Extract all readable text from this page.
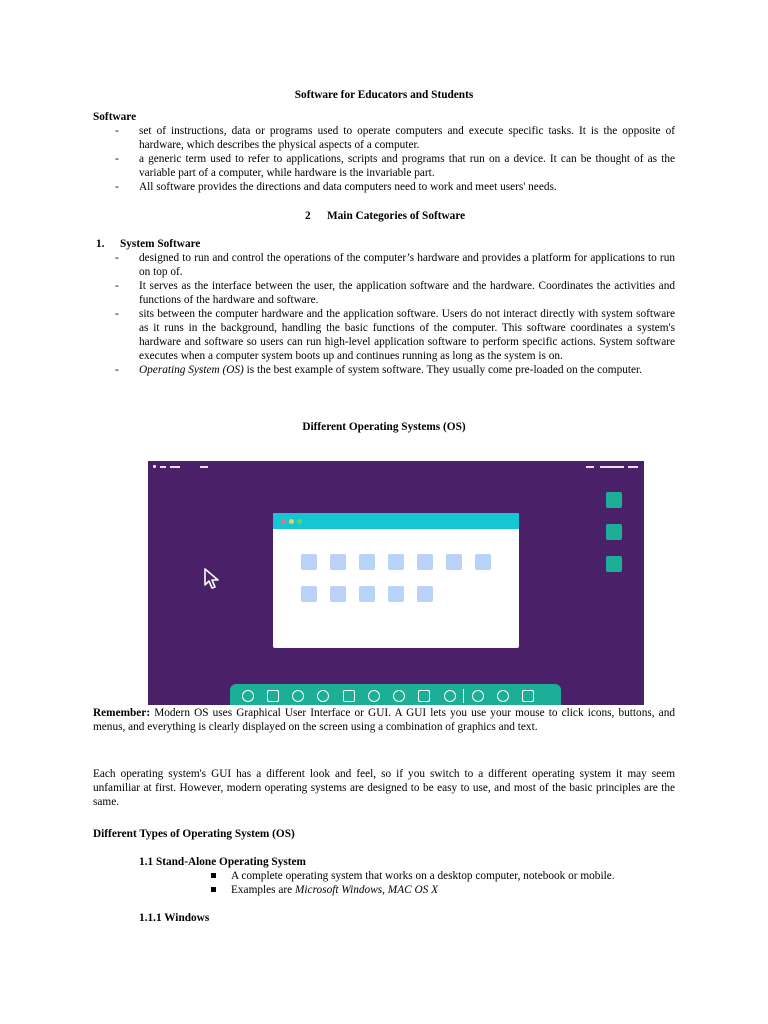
Software for Educators and Students
Software
- set of instructions, data or programs used to operate computers and execute specific tasks. It is the opposite of hardware, which describes the physical aspects of a computer.
- a generic term used to refer to applications, scripts and programs that run on a device. It can be thought of as the variable part of a computer, while hardware is the invariable part.
- All software provides the directions and data computers need to work and meet users' needs.
2 Main Categories of Software
1. System Software
- designed to run and control the operations of the computer’s hardware and provides a platform for applications to run on top of.
- It serves as the interface between the user, the application software and the hardware. Coordinates the activities and functions of the hardware and software.
- sits between the computer hardware and the application software. Users do not interact directly with system software as it runs in the background, handling the basic functions of the computer. This software coordinates a system's hardware and software so users can run high-level application software to perform specific actions. System software executes when a computer system boots up and continues running as long as the system is on.
- Operating System (OS) is the best example of system software. They usually come pre-loaded on the computer.
Different Operating Systems (OS)
Remember: Modern OS uses Graphical User Interface or GUI. A GUI lets you use your mouse to click icons, buttons, and menus, and everything is clearly displayed on the screen using a combination of graphics and text.
Each operating system's GUI has a different look and feel, so if you switch to a different operating system it may seem unfamiliar at first. However, modern operating systems are designed to be easy to use, and most of the basic principles are the same.
Different Types of Operating System (OS)
1.1 Stand-Alone Operating System
A complete operating system that works on a desktop computer, notebook or mobile.
Examples are Microsoft Windows, MAC OS X
1.1.1 Windows
